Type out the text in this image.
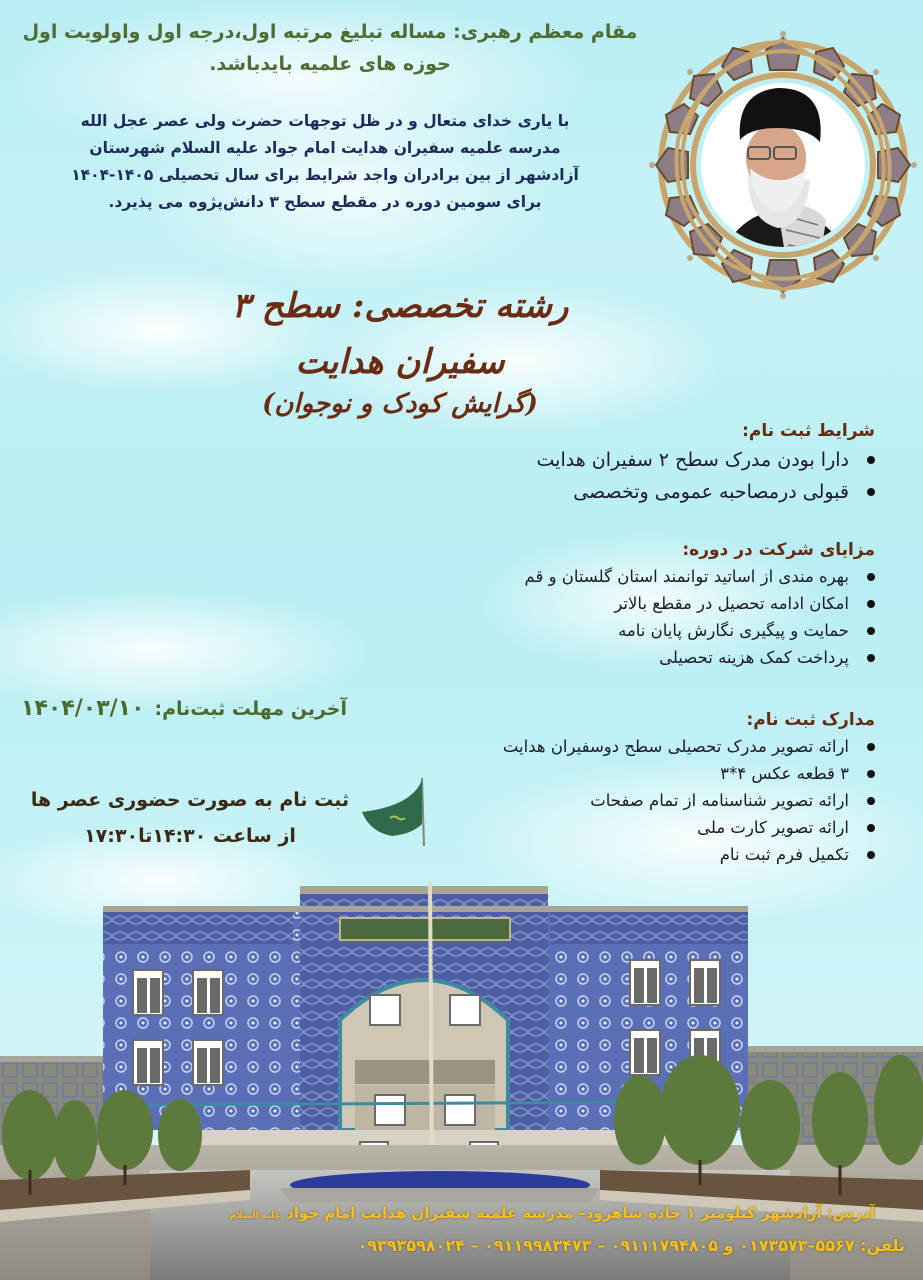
مقام معظم رهبری: مساله تبلیغ مرتبه اول،درجه اول واولویت اول
حوزه های علمیه بایدباشد.
با یاری خدای متعال و در ظل توجهات حضرت ولی عصر عجل الله
مدرسه علمیه سفیران هدایت امام جواد علیه السلام شهرستان
آزادشهر از بین برادران واجد شرایط برای سال تحصیلی ۱۴۰۵-۱۴۰۴
برای سومین دوره در مقطع سطح ۳ دانش‌پژوه می پذیرد.
رشته تخصصی: سطح ۳ سفیران هدایت
(گرایش کودک و نوجوان)
شرایط ثبت نام:
دارا بودن مدرک سطح ۲ سفیران هدایت
قبولی درمصاحبه عمومی وتخصصی
مزایای شرکت در دوره:
بهره مندی از اساتید توانمند استان گلستان و قم
امکان ادامه تحصیل در مقطع بالاتر
حمایت و پیگیری نگارش پایان نامه
پرداخت کمک هزینه تحصیلی
آخرین مهلت ثبت‌نام:
۱۴۰۴/۰۳/۱۰
ثبت نام به صورت حضوری عصر ها
از ساعت ۱۴:۳۰تا۱۷:۳۰
مدارک ثبت نام:
ارائه تصویر مدرک تحصیلی سطح دوسفیران هدایت
۳ قطعه عکس ۴*۳
ارائه تصویر شناسنامه از تمام صفحات
ارائه تصویر کارت ملی
تکمیل فرم ثبت نام
آدرس: آزادشهر کیلومتر ۱ جاده شاهرود– مدرسه علمیه سفیران هدایت امام جواد علیه السلام
تلفن: ۵۵۶۷–۰۱۷۳۵۷۳ و ۰۹۱۱۱۷۹۴۸۰۵ – ۰۹۱۱۹۹۸۳۴۷۳ – ۰۹۳۹۳۵۹۸۰۲۴
